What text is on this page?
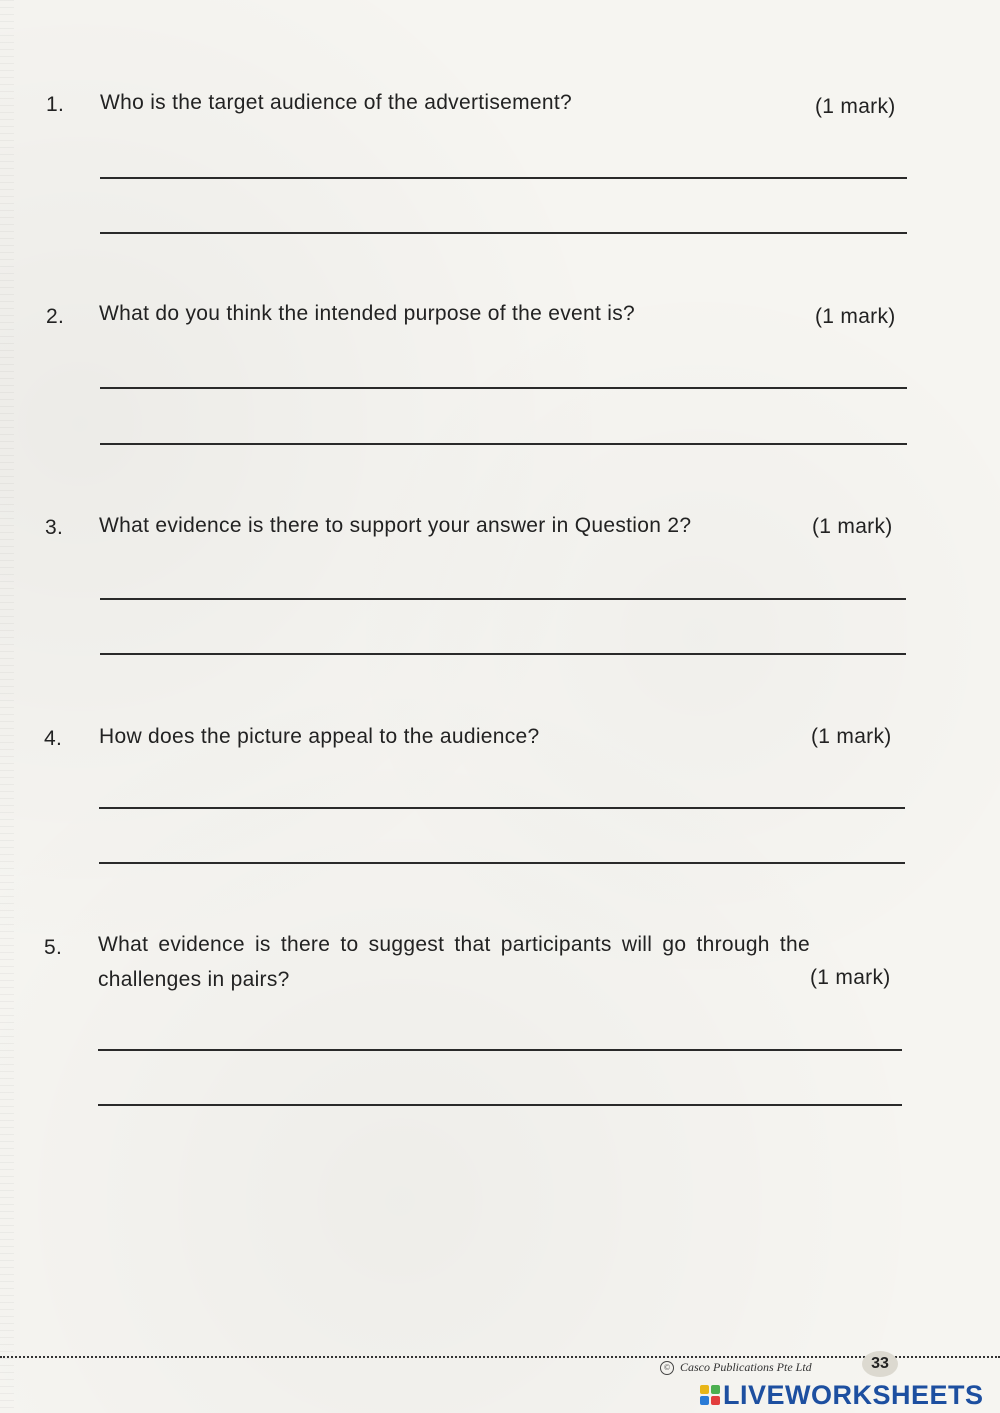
1. Who is the target audience of the advertisement?	(1 mark)
2. What do you think the intended purpose of the event is?	(1 mark)
3. What evidence is there to support your answer in Question 2?	(1 mark)
4. How does the picture appeal to the audience?	(1 mark)
5. What evidence is there to suggest that participants will go through the
challenges in pairs?	(1 mark)
© Casco Publications Pte Ltd	33
LIVEWORKSHEETS
